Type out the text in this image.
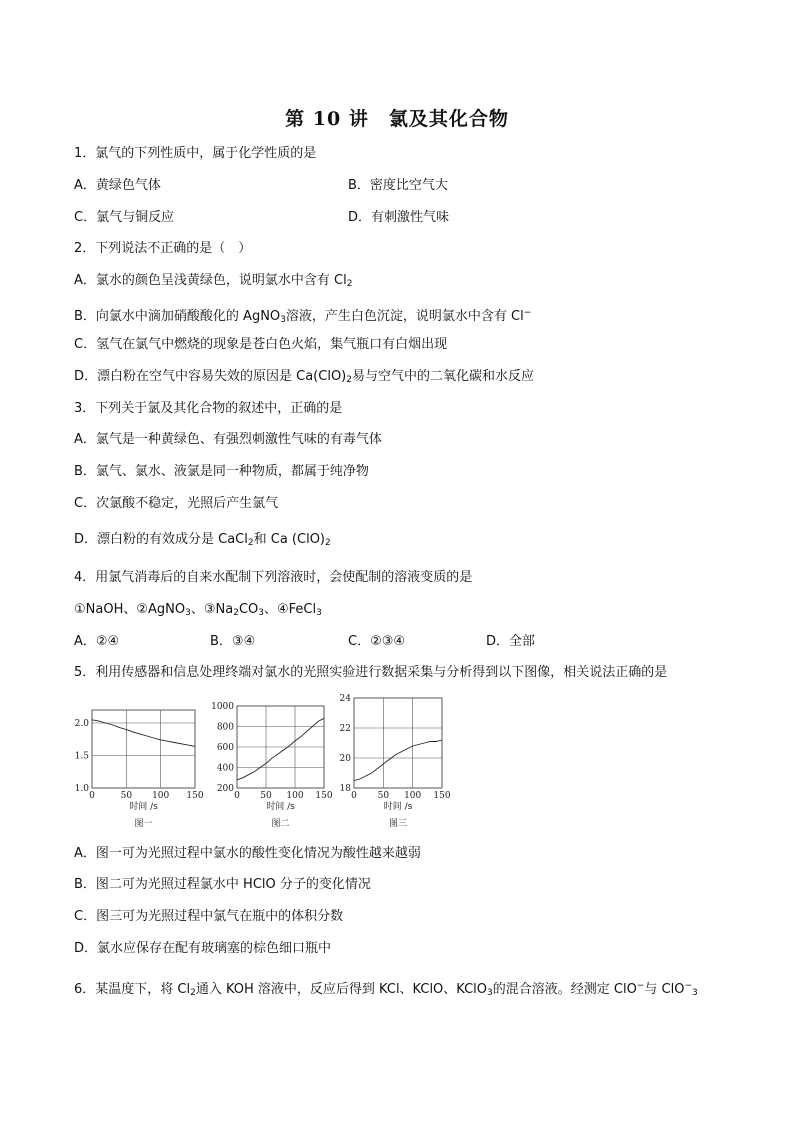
第 10 讲　氯及其化合物
1．氯气的下列性质中，属于化学性质的是
A．黄绿色气体	B．密度比空气大
C．氯气与铜反应	D．有刺激性气味
2．下列说法不正确的是（　）
A．氯水的颜色呈浅黄绿色，说明氯水中含有 $Cl_2$
B．向氯水中滴加硝酸酸化的 AgNO$_3$溶液，产生白色沉淀，说明氯水中含有 Cl−
C．氢气在氯气中燃烧的现象是苍白色火焰，集气瓶口有白烟出现
D．漂白粉在空气中容易失效的原因是 $Ca(ClO)_2$易与空气中的二氧化碳和水反应
3．下列关于氯及其化合物的叙述中，正确的是
A．氯气是一种黄绿色、有强烈刺激性气味的有毒气体
B．氯气、氯水、液氯是同一种物质，都属于纯净物
C．次氯酸不稳定，光照后产生氯气
D．漂白粉的有效成分是 CaCl$_2$和 Ca $(ClO)_2$
4．用氯气消毒后的自来水配制下列溶液时，会使配制的溶液变质的是
①NaOH、②AgNO$_3$、$③Na_2CO_3$、④FeCl$_3$
A．②④	B．③④	C．②③④	D．全部
5．利用传感器和信息处理终端对氯水的光照实验进行数据采集与分析得到以下图像，相关说法正确的是
0	50 100 150
1.0
1.5
2.0
时间 /s
图一
0 50 100 150
200
400
600
800
1000
时间 /s
图二
0 50 100 150
18
20
22
24
时间 /s
图三
A．图一可为光照过程中氯水的酸性变化情况为酸性越来越弱
B．图二可为光照过程氯水中 HClO 分子的变化情况
C．图三可为光照过程中氯气在瓶中的体积分数
D．氯水应保存在配有玻璃塞的棕色细口瓶中
6．某温度下，将 $Cl_2$通入 KOH 溶液中，反应后得到 KCl、KClO、KClO$_3$的混合溶液。经测定 ClO−与 ClO−$_3$
